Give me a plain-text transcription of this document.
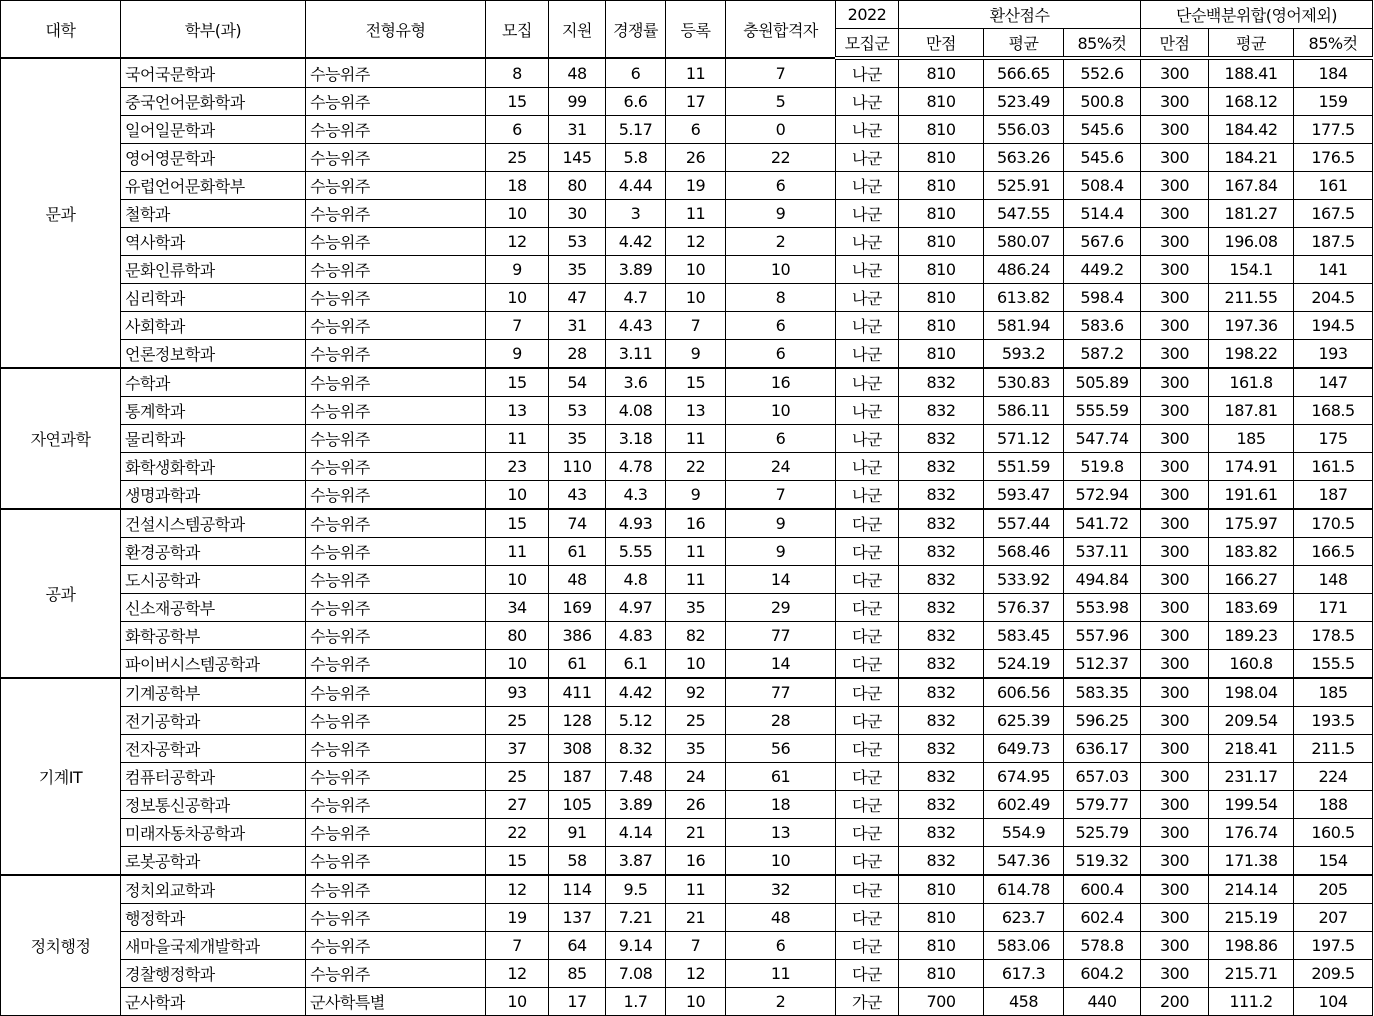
대학	학부(과)	전형유형	모집	지원	경쟁률	등록	충원합격자	2022	환산점수			단순백분위합(영어제외)		
								모집군	만점	평균	85%컷	만점	평균	85%컷
문과	국어국문학과	수능위주	8	48	6	11	7	나군	810	566.65	552.6	300	188.41	184
	중국언어문화학과	수능위주	15	99	6.6	17	5	나군	810	523.49	500.8	300	168.12	159
	일어일문학과	수능위주	6	31	5.17	6	0	나군	810	556.03	545.6	300	184.42	177.5
	영어영문학과	수능위주	25	145	5.8	26	22	나군	810	563.26	545.6	300	184.21	176.5
	유럽언어문화학부	수능위주	18	80	4.44	19	6	나군	810	525.91	508.4	300	167.84	161
	철학과	수능위주	10	30	3	11	9	나군	810	547.55	514.4	300	181.27	167.5
	역사학과	수능위주	12	53	4.42	12	2	나군	810	580.07	567.6	300	196.08	187.5
	문화인류학과	수능위주	9	35	3.89	10	10	나군	810	486.24	449.2	300	154.1	141
	심리학과	수능위주	10	47	4.7	10	8	나군	810	613.82	598.4	300	211.55	204.5
	사회학과	수능위주	7	31	4.43	7	6	나군	810	581.94	583.6	300	197.36	194.5
	언론정보학과	수능위주	9	28	3.11	9	6	나군	810	593.2	587.2	300	198.22	193
자연과학	수학과	수능위주	15	54	3.6	15	16	나군	832	530.83	505.89	300	161.8	147
	통계학과	수능위주	13	53	4.08	13	10	나군	832	586.11	555.59	300	187.81	168.5
	물리학과	수능위주	11	35	3.18	11	6	나군	832	571.12	547.74	300	185	175
	화학생화학과	수능위주	23	110	4.78	22	24	나군	832	551.59	519.8	300	174.91	161.5
	생명과학과	수능위주	10	43	4.3	9	7	나군	832	593.47	572.94	300	191.61	187
공과	건설시스템공학과	수능위주	15	74	4.93	16	9	다군	832	557.44	541.72	300	175.97	170.5
	환경공학과	수능위주	11	61	5.55	11	9	다군	832	568.46	537.11	300	183.82	166.5
	도시공학과	수능위주	10	48	4.8	11	14	다군	832	533.92	494.84	300	166.27	148
	신소재공학부	수능위주	34	169	4.97	35	29	다군	832	576.37	553.98	300	183.69	171
	화학공학부	수능위주	80	386	4.83	82	77	다군	832	583.45	557.96	300	189.23	178.5
	파이버시스템공학과	수능위주	10	61	6.1	10	14	다군	832	524.19	512.37	300	160.8	155.5
기계IT	기계공학부	수능위주	93	411	4.42	92	77	다군	832	606.56	583.35	300	198.04	185
	전기공학과	수능위주	25	128	5.12	25	28	다군	832	625.39	596.25	300	209.54	193.5
	전자공학과	수능위주	37	308	8.32	35	56	다군	832	649.73	636.17	300	218.41	211.5
	컴퓨터공학과	수능위주	25	187	7.48	24	61	다군	832	674.95	657.03	300	231.17	224
	정보통신공학과	수능위주	27	105	3.89	26	18	다군	832	602.49	579.77	300	199.54	188
	미래자동차공학과	수능위주	22	91	4.14	21	13	다군	832	554.9	525.79	300	176.74	160.5
	로봇공학과	수능위주	15	58	3.87	16	10	다군	832	547.36	519.32	300	171.38	154
정치행정	정치외교학과	수능위주	12	114	9.5	11	32	다군	810	614.78	600.4	300	214.14	205
	행정학과	수능위주	19	137	7.21	21	48	다군	810	623.7	602.4	300	215.19	207
	새마을국제개발학과	수능위주	7	64	9.14	7	6	다군	810	583.06	578.8	300	198.86	197.5
	경찰행정학과	수능위주	12	85	7.08	12	11	다군	810	617.3	604.2	300	215.71	209.5
	군사학과	군사학특별	10	17	1.7	10	2	가군	700	458	440	200	111.2	104
